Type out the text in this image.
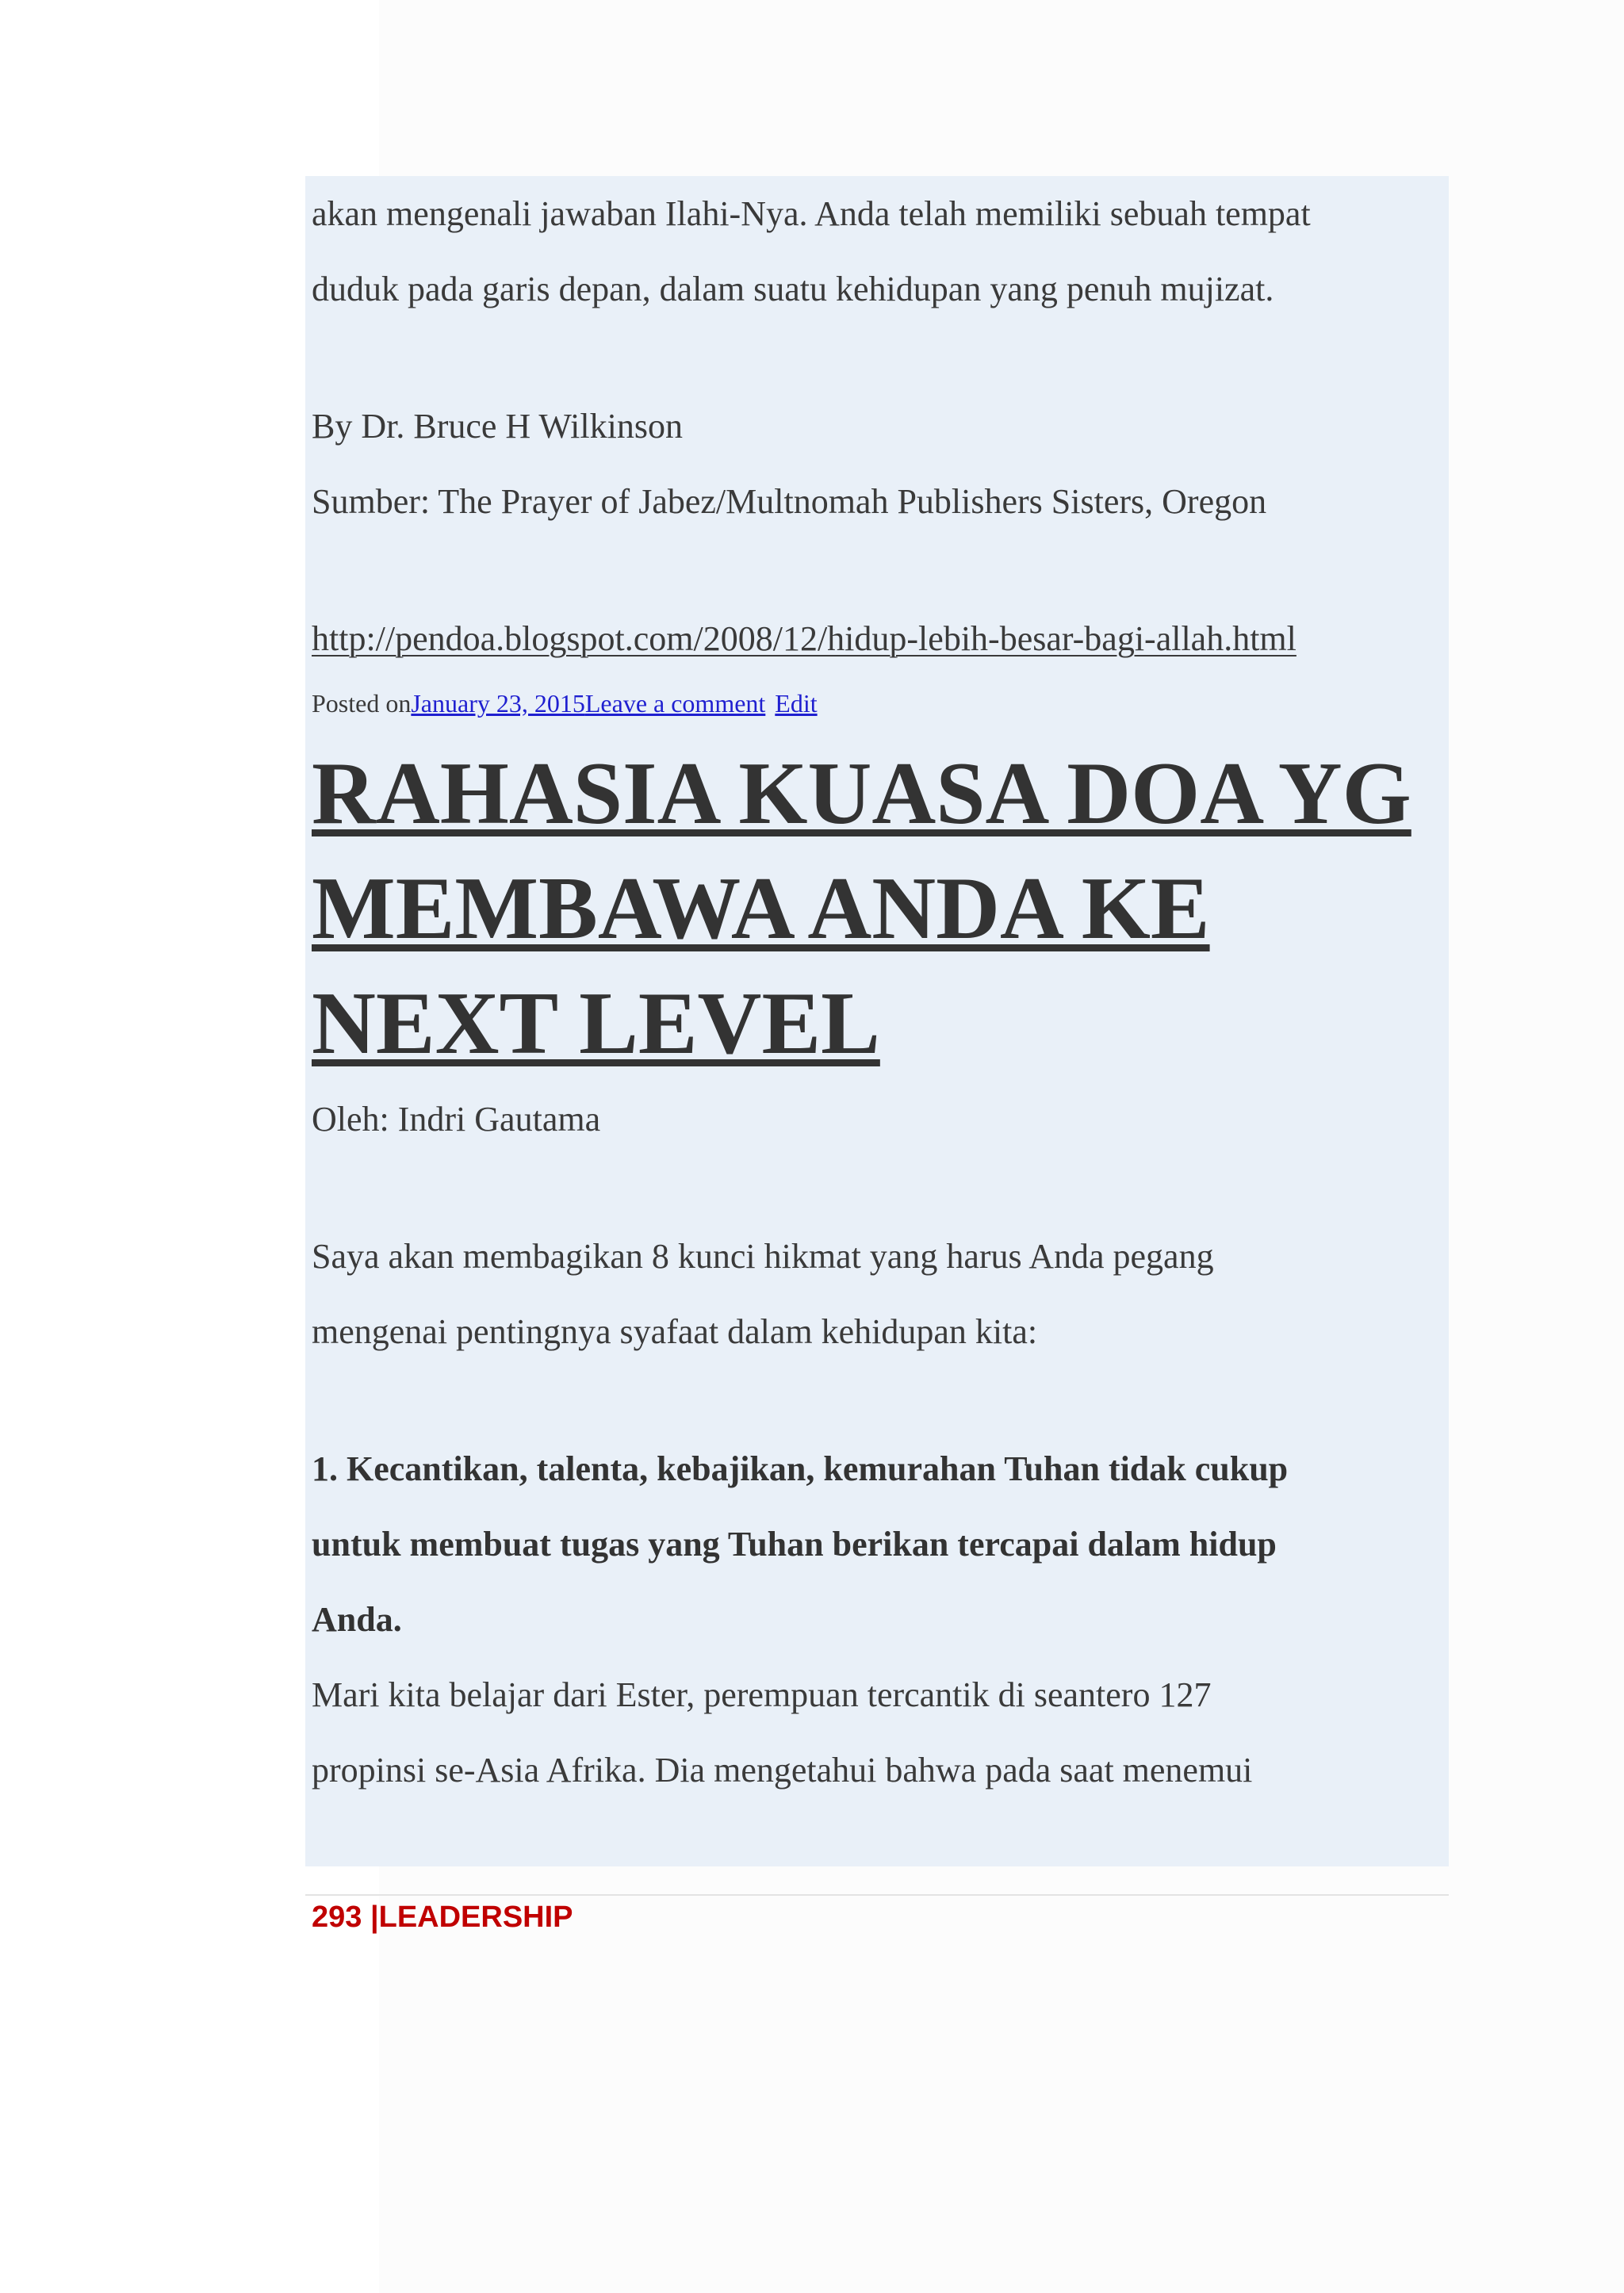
akan mengenali jawaban Ilahi-Nya. Anda telah memiliki sebuah tempat

duduk pada garis depan, dalam suatu kehidupan yang penuh mujizat.

By Dr. Bruce H Wilkinson

Sumber: The Prayer of Jabez/Multnomah Publishers Sisters, Oregon

http://pendoa.blogspot.com/2008/12/hidup-lebih-besar-bagi-allah.html

Posted onJanuary 23, 2015Leave a comment Edit

RAHASIA KUASA DOA YG
MEMBAWA ANDA KE
NEXT LEVEL

Oleh: Indri Gautama

Saya akan membagikan 8 kunci hikmat yang harus Anda pegang

mengenai pentingnya syafaat dalam kehidupan kita:

1. Kecantikan, talenta, kebajikan, kemurahan Tuhan tidak cukup

untuk membuat tugas yang Tuhan berikan tercapai dalam hidup

Anda.

Mari kita belajar dari Ester, perempuan tercantik di seantero 127

propinsi se-Asia Afrika. Dia mengetahui bahwa pada saat menemui

293 |LEADERSHIP
